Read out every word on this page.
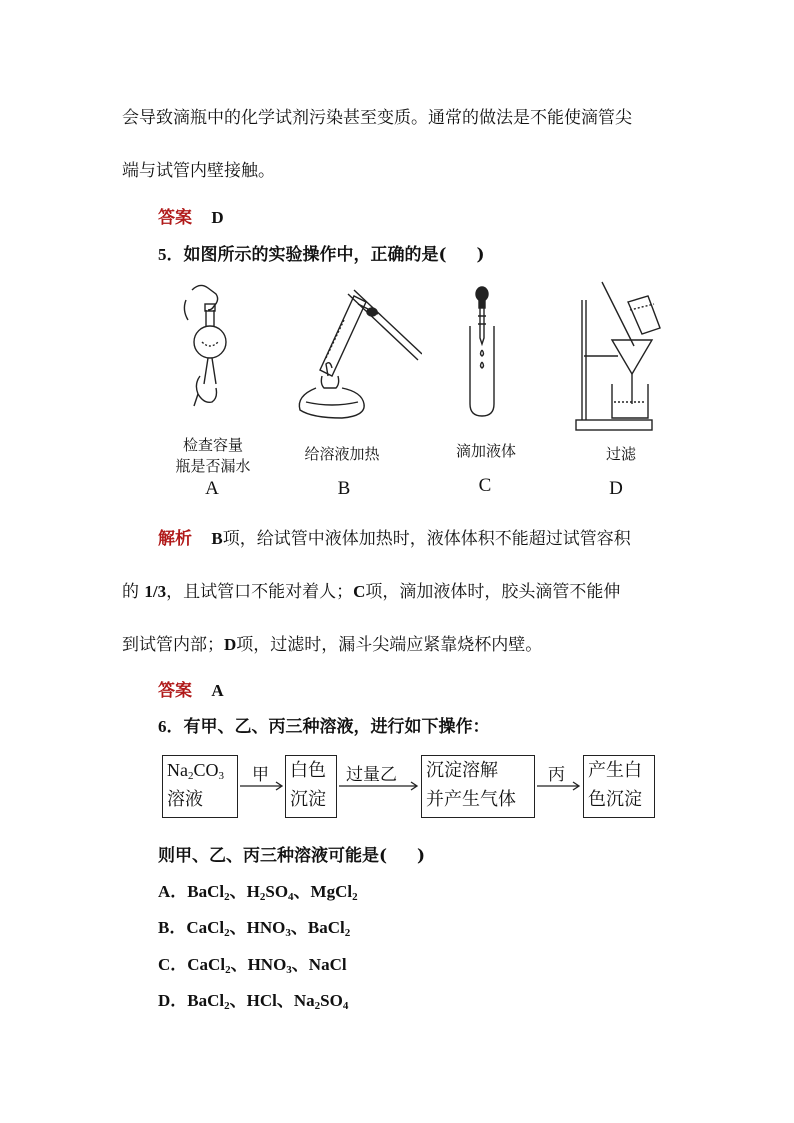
会导致滴瓶中的化学试剂污染甚至变质。通常的做法是不能使滴管尖
端与试管内壁接触。
答案 D
5．如图所示的实验操作中，正确的是( )
检查容量
瓶是否漏水
A
给溶液加热
B
滴加液体
C
过滤
D
解析 B项，给试管中液体加热时，液体体积不能超过试管容积
的 1/3，且试管口不能对着人；C项，滴加液体时，胶头滴管不能伸
到试管内部；D项，过滤时，漏斗尖端应紧靠烧杯内壁。
答案 A
6．有甲、乙、丙三种溶液，进行如下操作：
$Na_2CO_3$
溶液
甲 白色
沉淀
过量乙 沉淀溶解
并产生气体
丙 产生白
色沉淀
则甲、乙、丙三种溶液可能是( )
A．BaCl$_2$、$H_2SO_4$、MgCl$_2$
B．CaCl$_2$、$HNO_3$、BaCl$_2$
C．CaCl$_2$、$HNO_3$、NaCl
D．BaCl$_2$、HCl、$Na_2SO_4$
